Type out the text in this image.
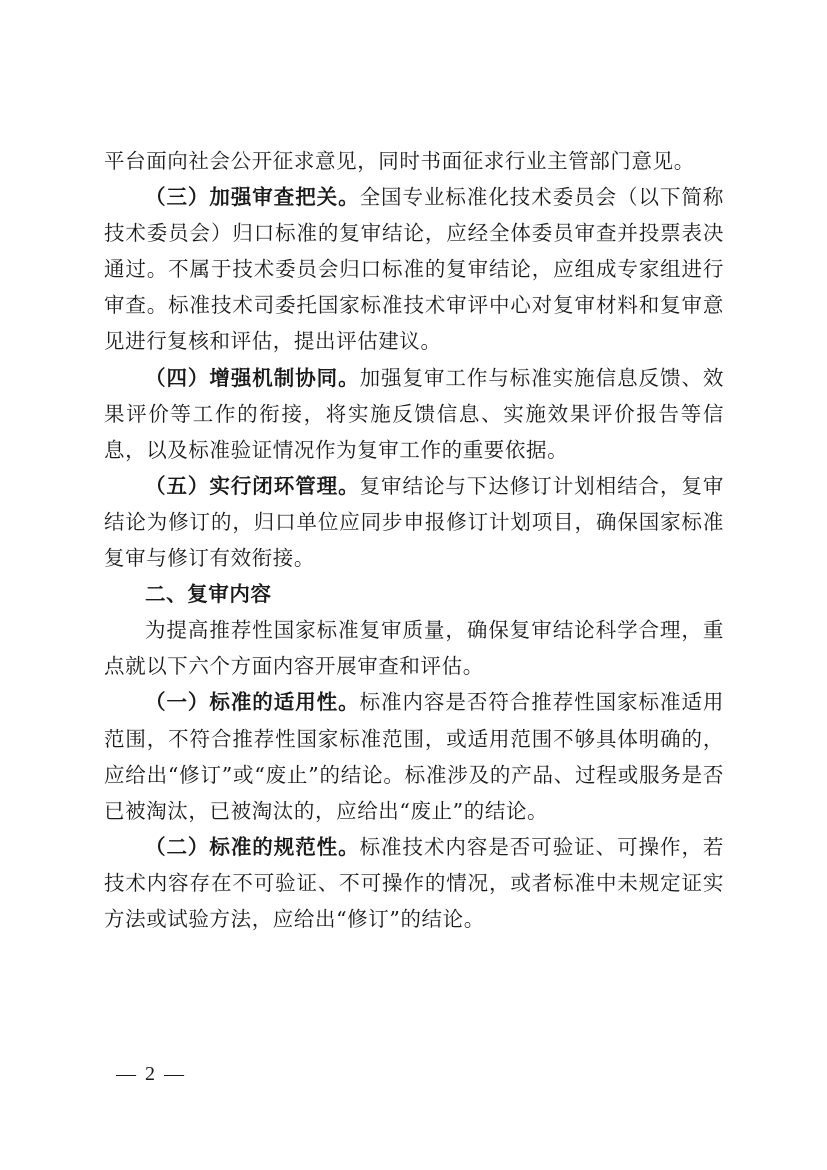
平台面向社会公开征求意见，同时书面征求行业主管部门意见。

（三）加强审查把关。全国专业标准化技术委员会（以下简称技术委员会）归口标准的复审结论，应经全体委员审查并投票表决通过。不属于技术委员会归口标准的复审结论，应组成专家组进行审查。标准技术司委托国家标准技术审评中心对复审材料和复审意见进行复核和评估，提出评估建议。

（四）增强机制协同。加强复审工作与标准实施信息反馈、效果评价等工作的衔接，将实施反馈信息、实施效果评价报告等信息，以及标准验证情况作为复审工作的重要依据。

（五）实行闭环管理。复审结论与下达修订计划相结合，复审结论为修订的，归口单位应同步申报修订计划项目，确保国家标准复审与修订有效衔接。

二、复审内容

为提高推荐性国家标准复审质量，确保复审结论科学合理，重点就以下六个方面内容开展审查和评估。

（一）标准的适用性。标准内容是否符合推荐性国家标准适用范围，不符合推荐性国家标准范围，或适用范围不够具体明确的，应给出“修订”或“废止”的结论。标准涉及的产品、过程或服务是否已被淘汰，已被淘汰的，应给出“废止”的结论。

（二）标准的规范性。标准技术内容是否可验证、可操作，若技术内容存在不可验证、不可操作的情况，或者标准中未规定证实方法或试验方法，应给出“修订”的结论。

— 2 —
